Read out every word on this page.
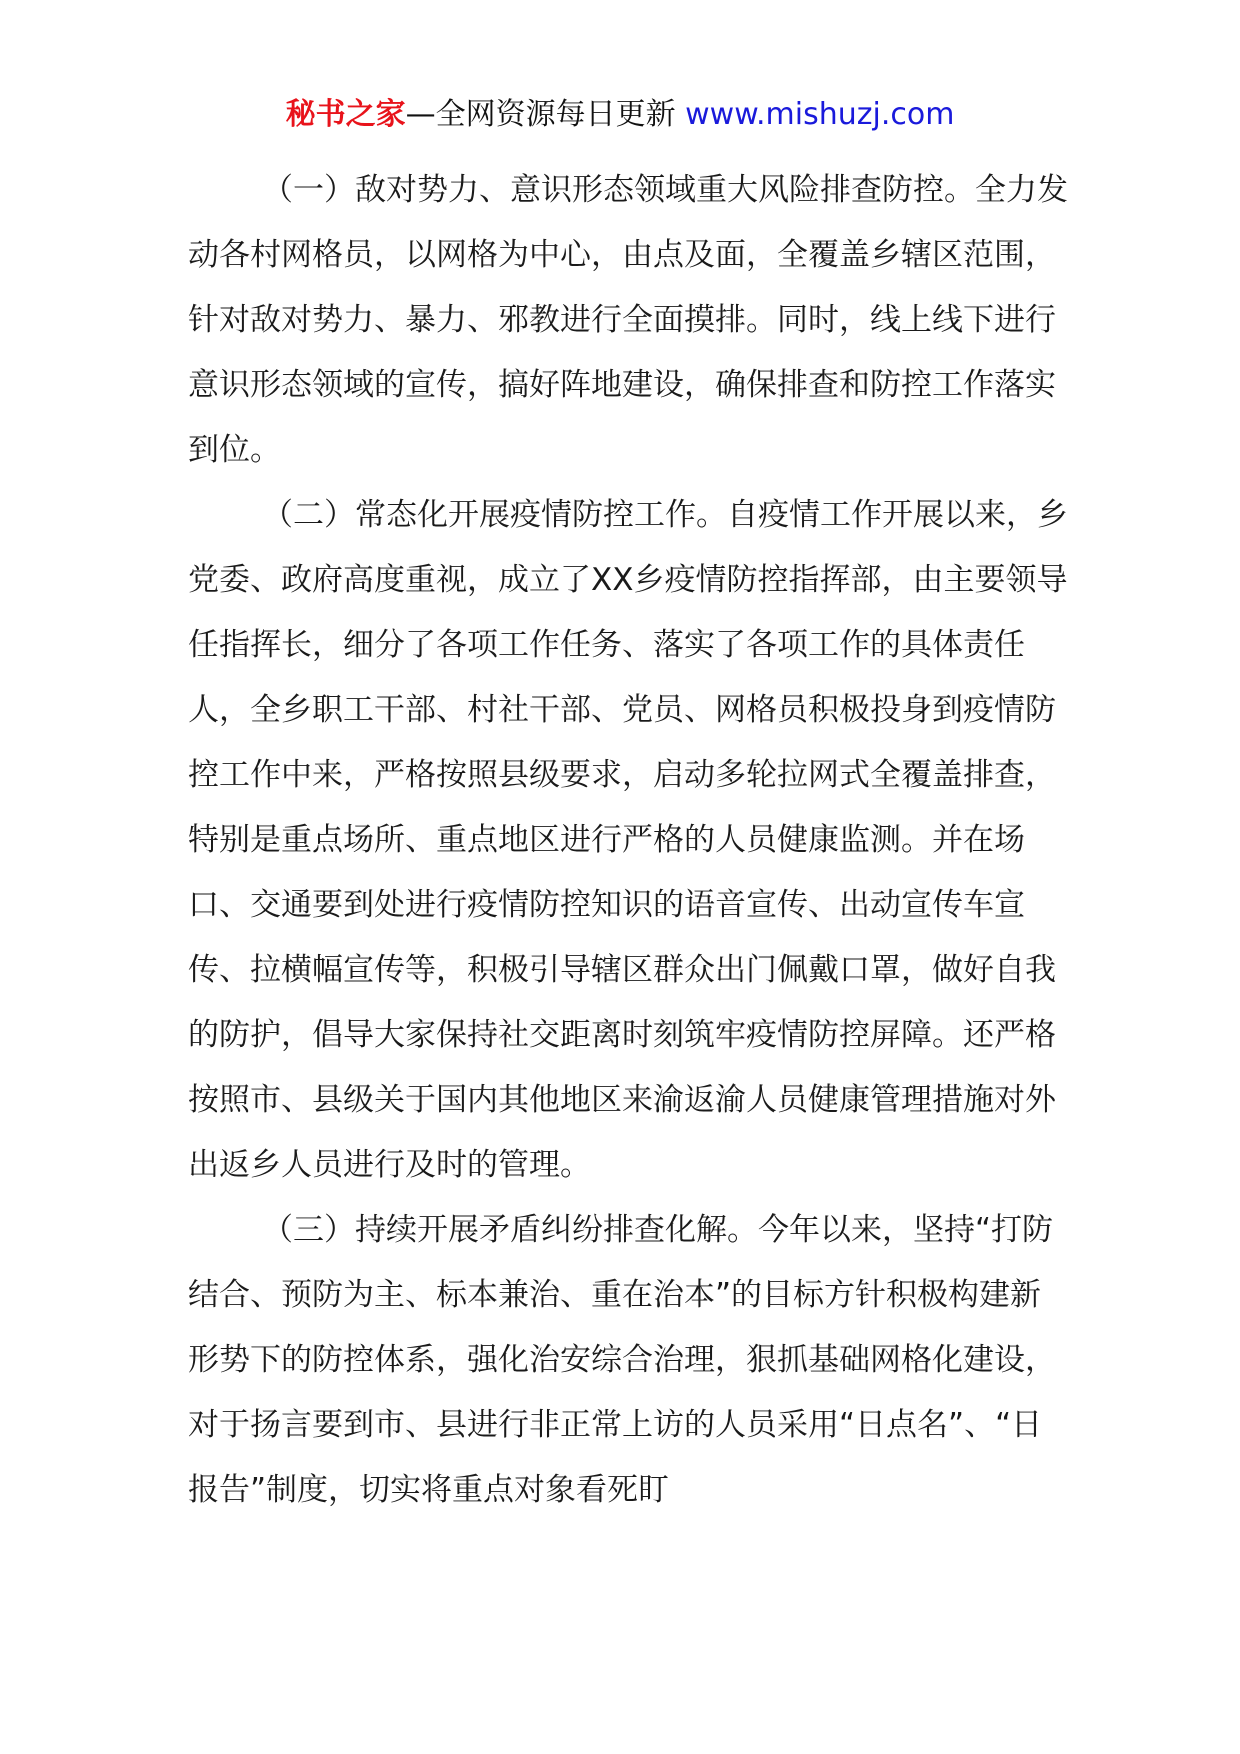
秘书之家—全网资源每日更新 www.mishuzj.com

（一）敌对势力、意识形态领域重大风险排查防控。全力发动各村网格员，以网格为中心，由点及面，全覆盖乡辖区范围，针对敌对势力、暴力、邪教进行全面摸排。同时，线上线下进行意识形态领域的宣传，搞好阵地建设，确保排查和防控工作落实到位。

（二）常态化开展疫情防控工作。自疫情工作开展以来，乡党委、政府高度重视，成立了XX乡疫情防控指挥部，由主要领导任指挥长，细分了各项工作任务、落实了各项工作的具体责任人，全乡职工干部、村社干部、党员、网格员积极投身到疫情防控工作中来，严格按照县级要求，启动多轮拉网式全覆盖排查，特别是重点场所、重点地区进行严格的人员健康监测。并在场口、交通要到处进行疫情防控知识的语音宣传、出动宣传车宣传、拉横幅宣传等，积极引导辖区群众出门佩戴口罩，做好自我的防护，倡导大家保持社交距离时刻筑牢疫情防控屏障。还严格按照市、县级关于国内其他地区来渝返渝人员健康管理措施对外出返乡人员进行及时的管理。

（三）持续开展矛盾纠纷排查化解。今年以来，坚持“打防结合、预防为主、标本兼治、重在治本”的目标方针积极构建新形势下的防控体系，强化治安综合治理，狠抓基础网格化建设，对于扬言要到市、县进行非正常上访的人员采用“日点名”、“日报告”制度，切实将重点对象看死盯
